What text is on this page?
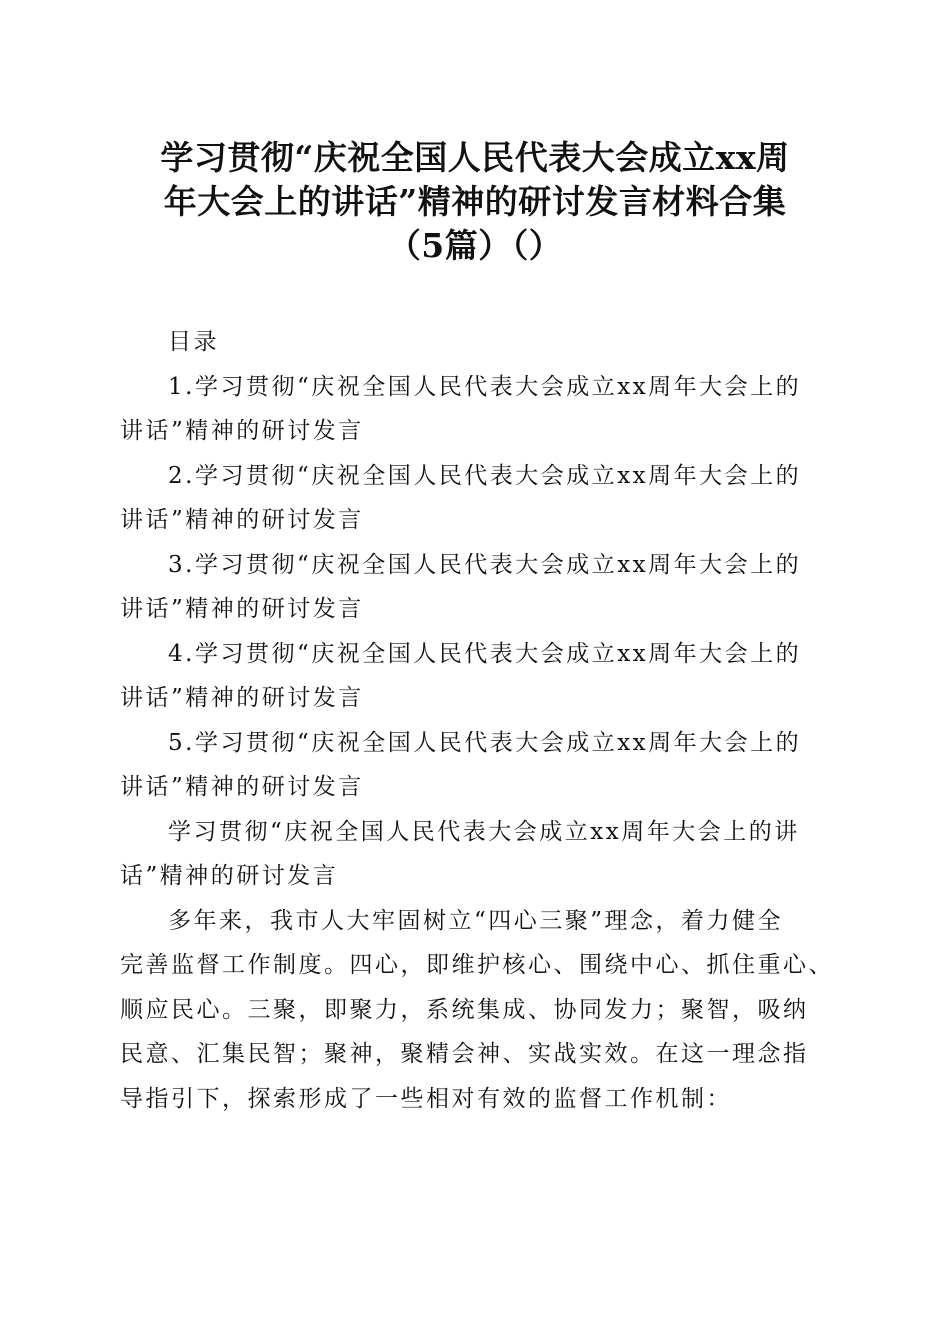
学习贯彻“庆祝全国人民代表大会成立xx周
年大会上的讲话”精神的研讨发言材料合集
（5篇）（）
目录
1.学习贯彻“庆祝全国人民代表大会成立xx周年大会上的
讲话”精神的研讨发言
2.学习贯彻“庆祝全国人民代表大会成立xx周年大会上的
讲话”精神的研讨发言
3.学习贯彻“庆祝全国人民代表大会成立xx周年大会上的
讲话”精神的研讨发言
4.学习贯彻“庆祝全国人民代表大会成立xx周年大会上的
讲话”精神的研讨发言
5.学习贯彻“庆祝全国人民代表大会成立xx周年大会上的
讲话”精神的研讨发言
学习贯彻“庆祝全国人民代表大会成立xx周年大会上的讲
话”精神的研讨发言
多年来，我市人大牢固树立“四心三聚”理念，着力健全
完善监督工作制度。四心，即维护核心、围绕中心、抓住重心、
顺应民心。三聚，即聚力，系统集成、协同发力；聚智，吸纳
民意、汇集民智；聚神，聚精会神、实战实效。在这一理念指
导指引下，探索形成了一些相对有效的监督工作机制：
